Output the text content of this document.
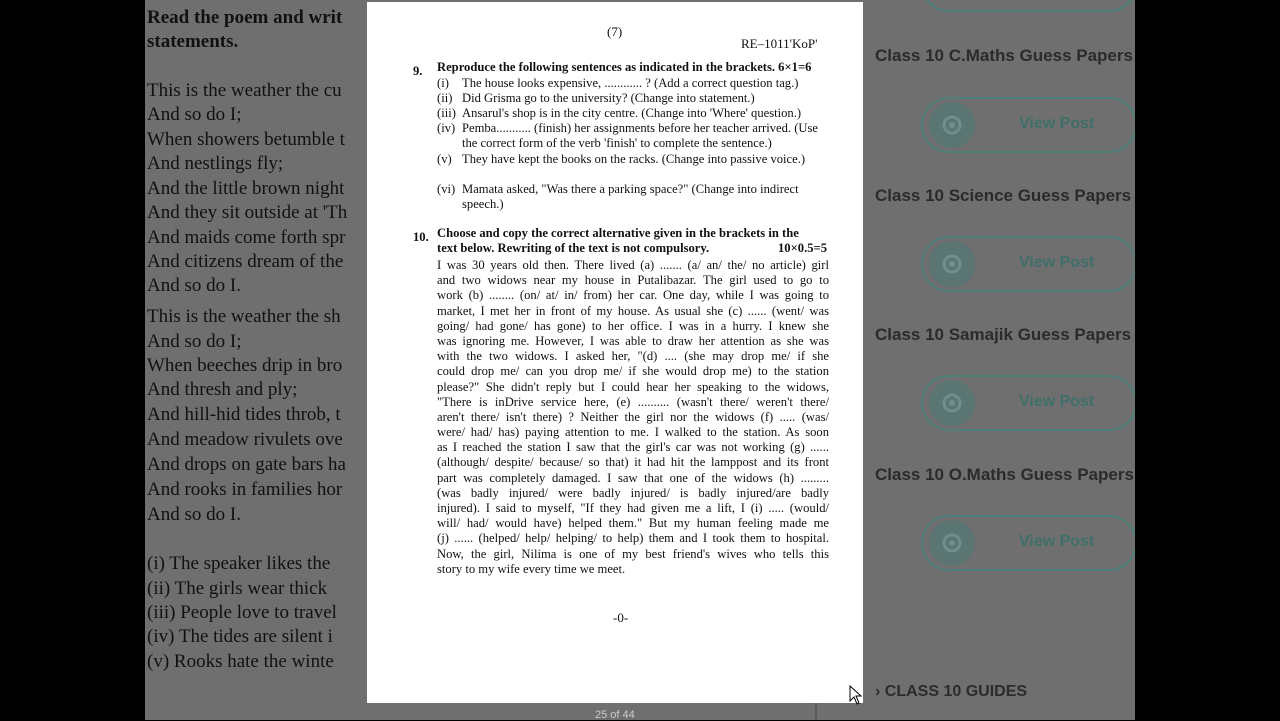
Read the poem and writ
statements.
This is the weather the cu
And so do I;
When showers betumble t
And nestlings fly;
And the little brown night
And they sit outside at 'Th
And maids come forth spr
And citizens dream of the
And so do I.
This is the weather the sh
And so do I;
When beeches drip in bro
And thresh and ply;
And hill-hid tides throb, t
And meadow rivulets ove
And drops on gate bars ha
And rooks in families hor
And so do I.
(i) The speaker likes the
(ii) The girls wear thick
(iii) People love to travel
(iv) The tides are silent i
(v) Rooks hate the winte
› CLASS 10 GUIDES
Class 10 C.Maths Guess Papers
View Post
Class 10 Science Guess Papers
View Post
Class 10 Samajik Guess Papers
View Post
Class 10 O.Maths Guess Papers
View Post
(7)
RE–1011'KoP'
9. Reproduce the following sentences as indicated in the brackets. 6×1=6
(i)	The house looks expensive, ............ ? (Add a correct question tag.)
(ii) Did Grisma go to the university? (Change into statement.)
(iii) Ansarul's shop is in the city centre. (Change into 'Where' question.)
(iv) Pemba........... (finish) her assignments before her teacher arrived. (Use the correct form of the verb 'finish' to complete the sentence.)
(v) They have kept the books on the racks. (Change into passive voice.)
(vi) Mamata asked, "Was there a parking space?" (Change into indirect speech.)
10. Choose and copy the correct alternative given in the brackets in the
text below. Rewriting of the text is not compulsory.	10×0.5=5
I was 30 years old then. There lived (a) ....... (a/ an/ the/ no article) girl
and two widows near my house in Putalibazar. The girl used to go to
work (b) ........ (on/ at/ in/ from) her car. One day, while I was going to
market, I met her in front of my house. As usual she (c) ...... (went/ was
going/ had gone/ has gone) to her office. I was in a hurry. I knew she
was ignoring me. However, I was able to draw her attention as she was
with the two widows. I asked her, "(d) .... (she may drop me/ if she
could drop me/ can you drop me/ if she would drop me) to the station
please?" She didn't reply but I could hear her speaking to the widows,
"There is inDrive service here, (e) .......... (wasn't there/ weren't there/
aren't there/ isn't there) ? Neither the girl nor the widows (f) ..... (was/
were/ had/ has) paying attention to me. I walked to the station. As soon
as I reached the station I saw that the girl's car was not working (g) ......
(although/ despite/ because/ so that) it had hit the lamppost and its front
part was completely damaged. I saw that one of the widows (h) .........
(was badly injured/ were badly injured/ is badly injured/are badly
injured). I said to myself, "If they had given me a lift, I (i) ..... (would/
will/ had/ would have) helped them." But my human feeling made me
(j) ...... (helped/ help/ helping/ to help) them and I took them to hospital.
Now, the girl, Nilima is one of my best friend's wives who tells this
story to my wife every time we meet.
-0-
25 of 44
